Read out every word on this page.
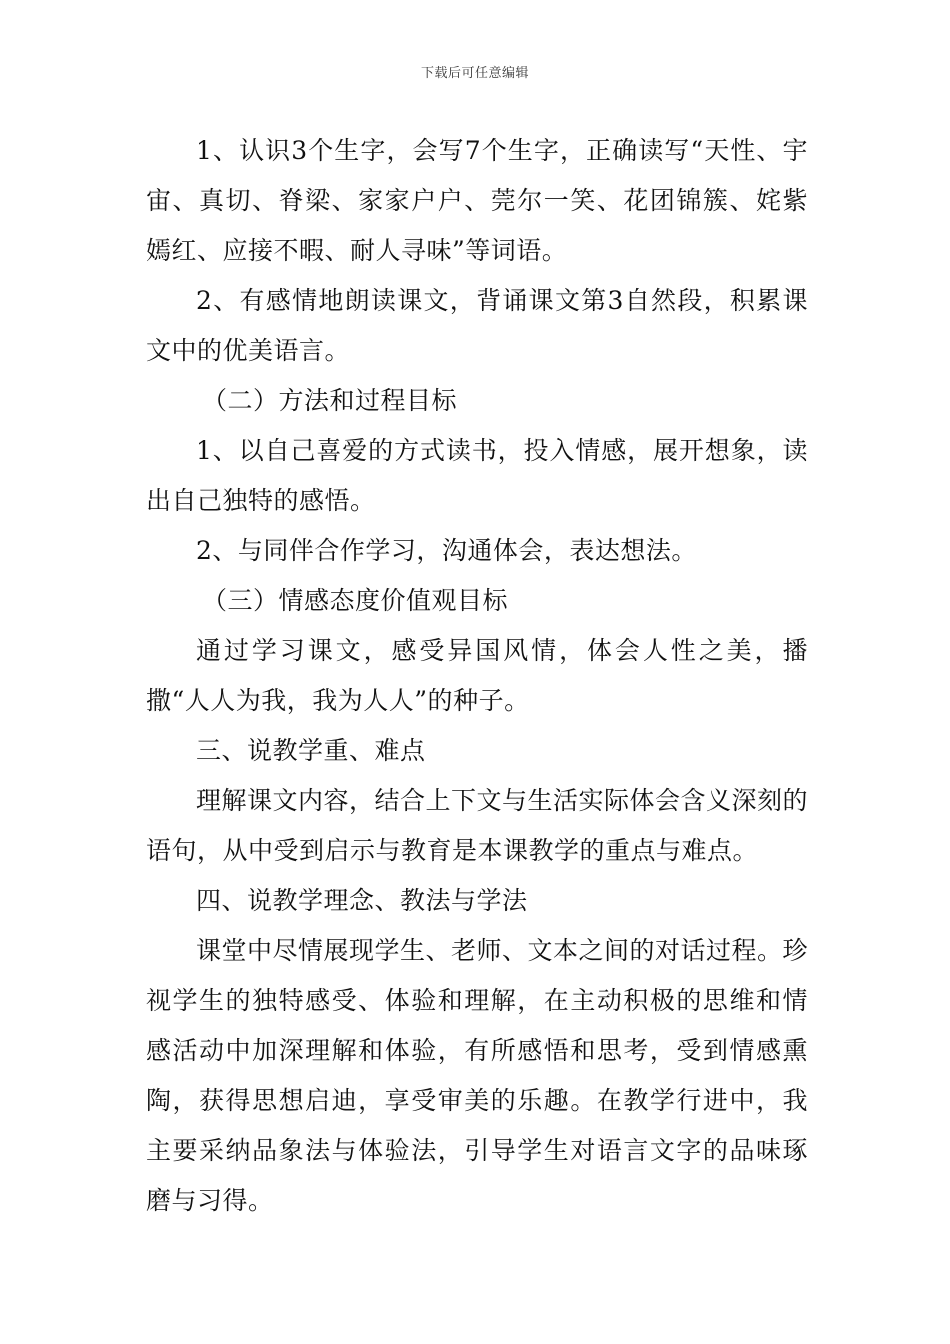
下载后可任意编辑

1、认识3个生字，会写7个生字，正确读写“天性、宇宙、真切、脊梁、家家户户、莞尔一笑、花团锦簇、姹紫嫣红、应接不暇、耐人寻味”等词语。

2、有感情地朗读课文，背诵课文第3自然段，积累课文中的优美语言。

（二）方法和过程目标

1、以自己喜爱的方式读书，投入情感，展开想象，读出自己独特的感悟。

2、与同伴合作学习，沟通体会，表达想法。

（三）情感态度价值观目标

通过学习课文，感受异国风情，体会人性之美，播撒“人人为我，我为人人”的种子。

三、说教学重、难点

理解课文内容，结合上下文与生活实际体会含义深刻的语句，从中受到启示与教育是本课教学的重点与难点。

四、说教学理念、教法与学法

课堂中尽情展现学生、老师、文本之间的对话过程。珍视学生的独特感受、体验和理解，在主动积极的思维和情感活动中加深理解和体验，有所感悟和思考，受到情感熏陶，获得思想启迪，享受审美的乐趣。在教学行进中，我主要采纳品象法与体验法，引导学生对语言文字的品味琢磨与习得。
